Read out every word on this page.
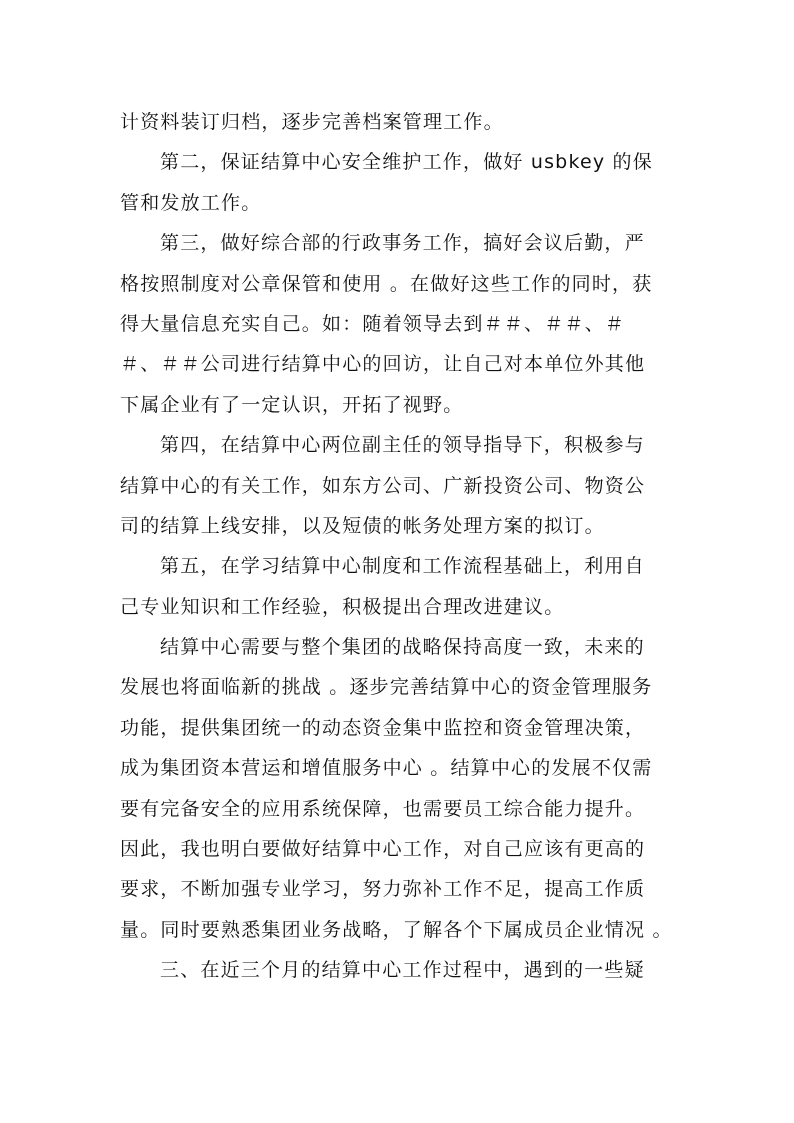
计资料装订归档，逐步完善档案管理工作。
第二，保证结算中心安全维护工作，做好 usbkey 的保
管和发放工作。
第三，做好综合部的行政事务工作，搞好会议后勤，严
格按照制度对公章保管和使用 。在做好这些工作的同时，获
得大量信息充实自己。如：随着领导去到＃＃、＃＃、＃
＃、＃＃公司进行结算中心的回访，让自己对本单位外其他
下属企业有了一定认识，开拓了视野。
第四，在结算中心两位副主任的领导指导下，积极参与
结算中心的有关工作，如东方公司、广新投资公司、物资公
司的结算上线安排，以及短债的帐务处理方案的拟订。
第五，在学习结算中心制度和工作流程基础上，利用自
己专业知识和工作经验，积极提出合理改进建议。
结算中心需要与整个集团的战略保持高度一致，未来的
发展也将面临新的挑战 。逐步完善结算中心的资金管理服务
功能，提供集团统一的动态资金集中监控和资金管理决策，
成为集团资本营运和增值服务中心 。结算中心的发展不仅需
要有完备安全的应用系统保障，也需要员工综合能力提升。
因此，我也明白要做好结算中心工作，对自己应该有更高的
要求，不断加强专业学习，努力弥补工作不足，提高工作质
量。同时要熟悉集团业务战略，了解各个下属成员企业情况 。
三、在近三个月的结算中心工作过程中，遇到的一些疑
